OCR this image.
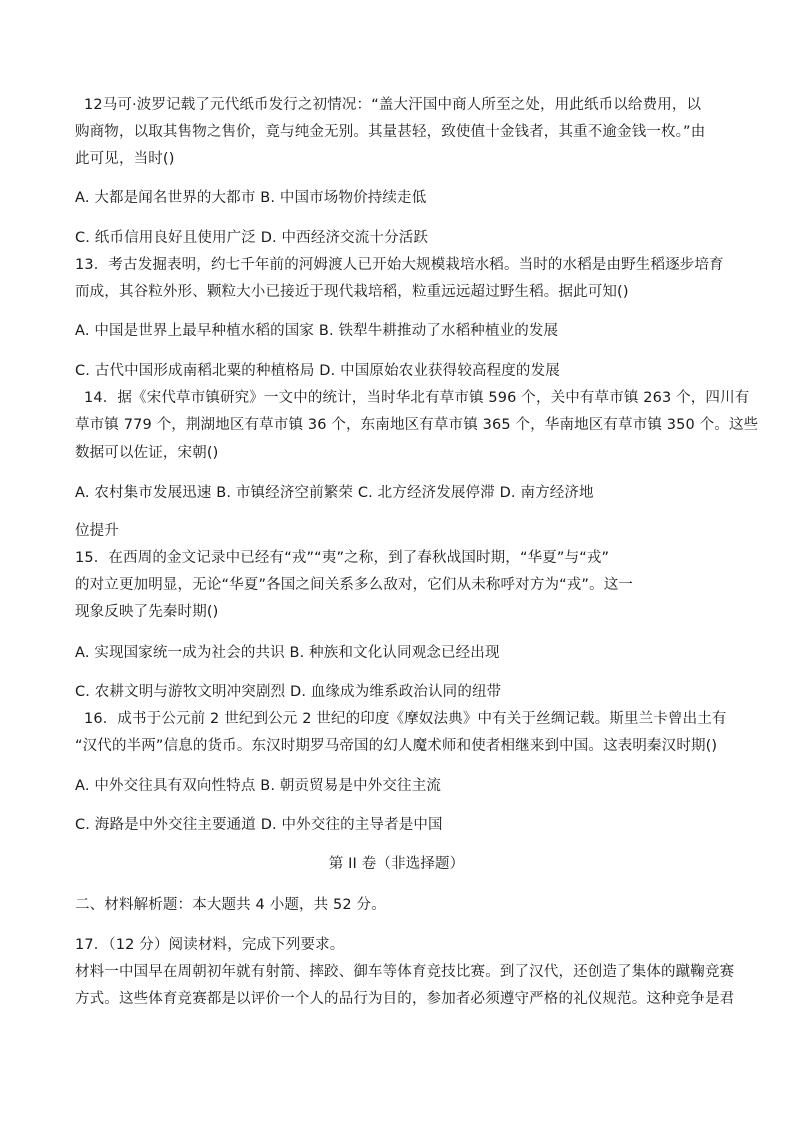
12马可·波罗记载了元代纸币发行之初情况：“盖大汗国中商人所至之处，用此纸币以给费用，以
购商物，以取其售物之售价，竟与纯金无别。其量甚轻，致使值十金钱者，其重不逾金钱一枚。”由
此可见，当时()
A. 大都是闻名世界的大都市 B. 中国市场物价持续走低
C. 纸币信用良好且使用广泛 D. 中西经济交流十分活跃
13．考古发掘表明，约七千年前的河姆渡人已开始大规模栽培水稻。当时的水稻是由野生稻逐步培育
而成，其谷粒外形、颗粒大小已接近于现代栽培稻，粒重远远超过野生稻。据此可知()
A. 中国是世界上最早种植水稻的国家 B. 铁犁牛耕推动了水稻种植业的发展
C. 古代中国形成南稻北粟的种植格局 D. 中国原始农业获得较高程度的发展
14．据《宋代草市镇研究》一文中的统计，当时华北有草市镇 596 个，关中有草市镇 263 个，四川有
草市镇 779 个，荆湖地区有草市镇 36 个，东南地区有草市镇 365 个，华南地区有草市镇 350 个。这些
数据可以佐证，宋朝()
A. 农村集市发展迅速 B. 市镇经济空前繁荣 C. 北方经济发展停滞 D. 南方经济地
位提升
15．在西周的金文记录中已经有“戎”“夷”之称，到了春秋战国时期，“华夏”与“戎”
的对立更加明显，无论“华夏”各国之间关系多么敌对，它们从未称呼对方为“戎”。这一
现象反映了先秦时期()
A. 实现国家统一成为社会的共识 B. 种族和文化认同观念已经出现
C. 农耕文明与游牧文明冲突剧烈 D. 血缘成为维系政治认同的纽带
16．成书于公元前 2 世纪到公元 2 世纪的印度《摩奴法典》中有关于丝绸记载。斯里兰卡曾出土有
“汉代的半两”信息的货币。东汉时期罗马帝国的幻人魔术师和使者相继来到中国。这表明秦汉时期()
A. 中外交往具有双向性特点 B. 朝贡贸易是中外交往主流
C. 海路是中外交往主要通道 D. 中外交往的主导者是中国
第 II 卷（非选择题）
二、材料解析题：本大题共 4 小题，共 52 分。
17．（12 分）阅读材料，完成下列要求。
材料一中国早在周朝初年就有射箭、摔跤、御车等体育竞技比赛。到了汉代，还创造了集体的蹴鞠竞赛
方式。这些体育竞赛都是以评价一个人的品行为目的，参加者必须遵守严格的礼仪规范。这种竞争是君
